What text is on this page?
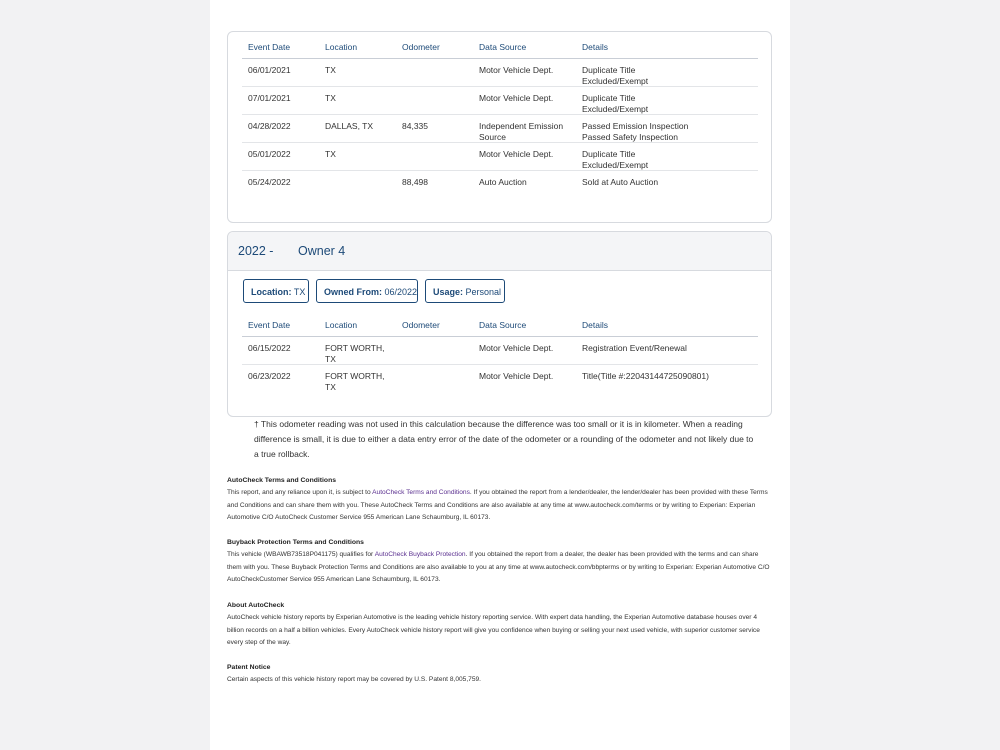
Event Date	Location	Odometer	Data Source	Details
06/01/2021	TX		Motor Vehicle Dept.	Duplicate Title
Excluded/Exempt

07/01/2021	TX		Motor Vehicle Dept.	Duplicate Title
Excluded/Exempt

04/28/2022	DALLAS, TX	84,335	Independent Emission Source	Passed Emission Inspection
Passed Safety Inspection

05/01/2022	TX		Motor Vehicle Dept.	Duplicate Title
Excluded/Exempt

05/24/2022		88,498	Auto Auction	Sold at Auto Auction
2022 - Owner 4
Location: TX	Owned From: 06/2022	Usage: Personal
Event Date	Location	Odometer	Data Source	Details
06/15/2022	FORT WORTH, TX		Motor Vehicle Dept.	Registration Event/Renewal
06/23/2022	FORT WORTH, TX		Motor Vehicle Dept.	Title(Title #:22043144725090801)
† This odometer reading was not used in this calculation because the difference was too small or it is in kilometer. When a reading difference is small, it is due to either a data entry error of the date of the odometer or a rounding of the odometer and not likely due to a true rollback.
AutoCheck Terms and Conditions

This report, and any reliance upon it, is subject to AutoCheck Terms and Conditions. If you obtained the report from a lender/dealer, the lender/dealer has been provided with these Terms and Conditions and can share them with you. These AutoCheck Terms and Conditions are also available at any time at www.autocheck.com/terms or by writing to Experian: Experian Automotive C/O AutoCheck Customer Service 955 American Lane Schaumburg, IL 60173.

Buyback Protection Terms and Conditions

This vehicle (WBAWB73518P041175) qualifies for AutoCheck Buyback Protection. If you obtained the report from a dealer, the dealer has been provided with the terms and can share them with you. These Buyback Protection Terms and Conditions are also available to you at any time at www.autocheck.com/bbpterms or by writing to Experian: Experian Automotive C/O AutoCheckCustomer Service 955 American Lane Schaumburg, IL 60173.

About AutoCheck

AutoCheck vehicle history reports by Experian Automotive is the leading vehicle history reporting service. With expert data handling, the Experian Automotive database houses over 4 billion records on a half a billion vehicles. Every AutoCheck vehicle history report will give you confidence when buying or selling your next used vehicle, with superior customer service every step of the way.

Patent Notice

Certain aspects of this vehicle history report may be covered by U.S. Patent 8,005,759.
